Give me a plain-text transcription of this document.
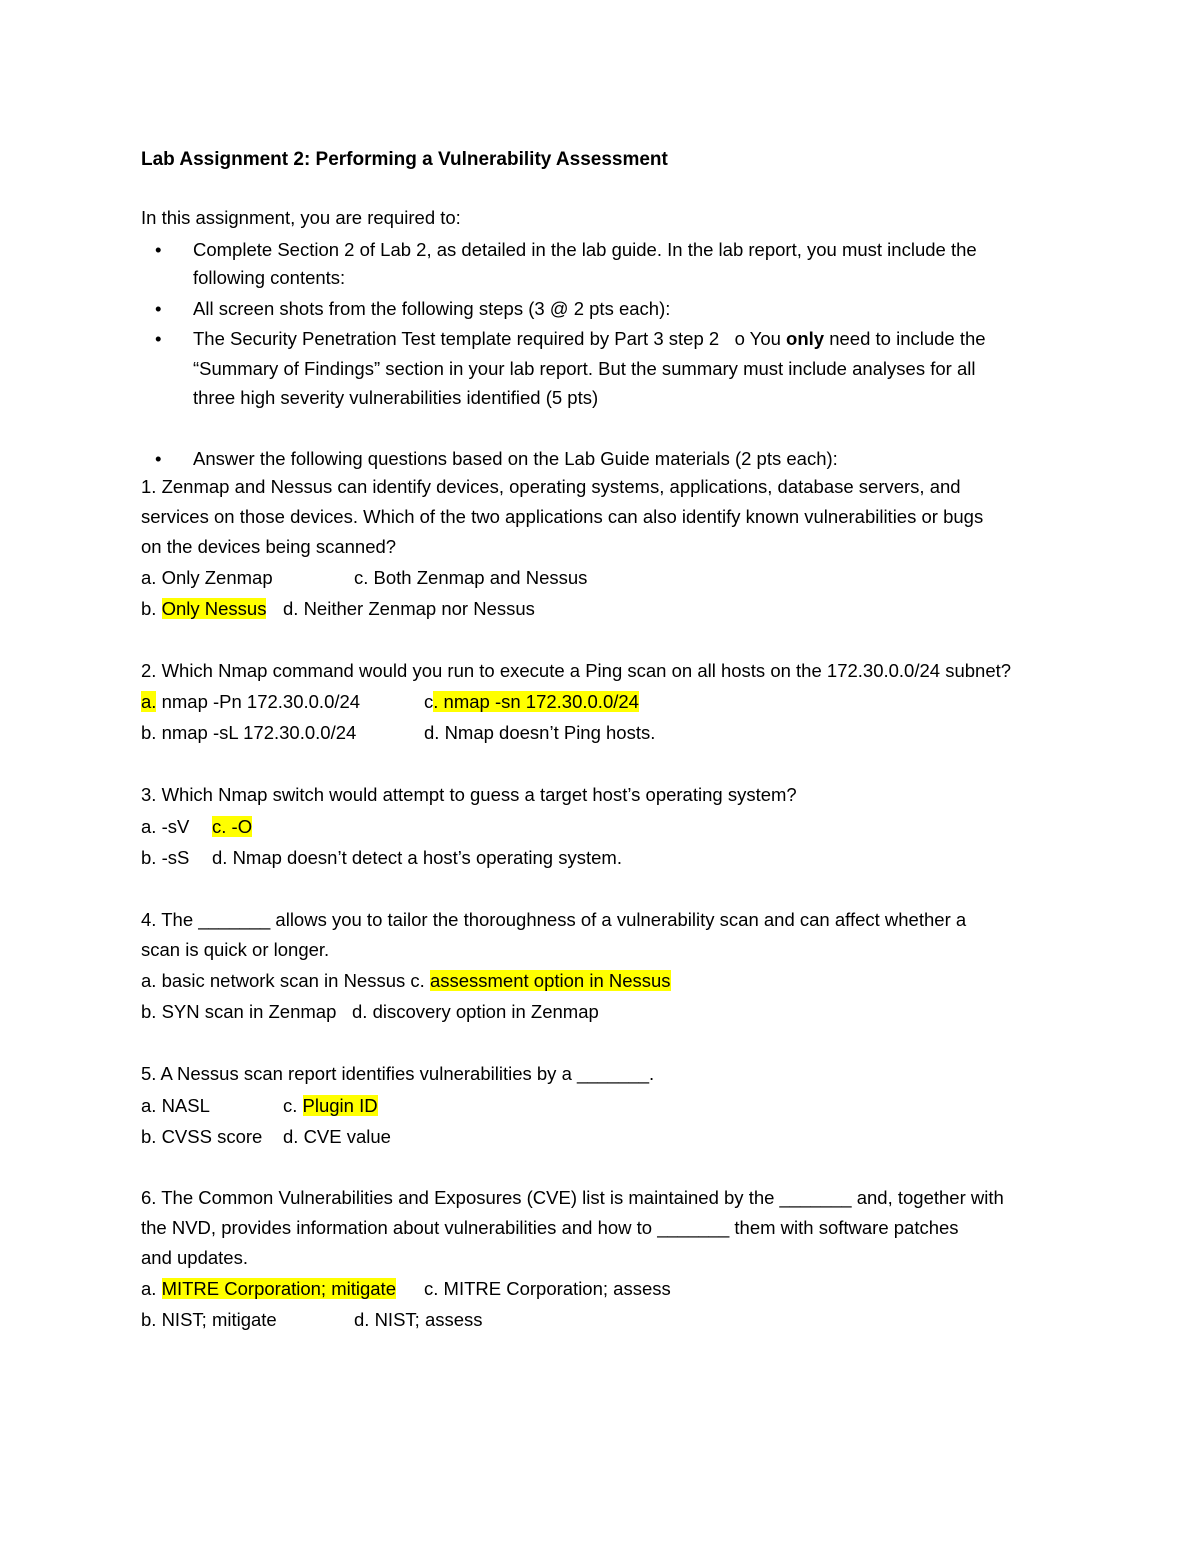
Lab Assignment 2: Performing a Vulnerability Assessment
In this assignment, you are required to:
• Complete Section 2 of Lab 2, as detailed in the lab guide. In the lab report, you must include the
following contents:
• All screen shots from the following steps (3 @ 2 pts each):
• The Security Penetration Test template required by Part 3 step 2   o You only need to include the
“Summary of Findings” section in your lab report. But the summary must include analyses for all
three high severity vulnerabilities identified (5 pts)
• Answer the following questions based on the Lab Guide materials (2 pts each):
1. Zenmap and Nessus can identify devices, operating systems, applications, database servers, and
services on those devices. Which of the two applications can also identify known vulnerabilities or bugs
on the devices being scanned?
a. Only Zenmap	c. Both Zenmap and Nessus
b. Only Nessus d. Neither Zenmap nor Nessus
2. Which Nmap command would you run to execute a Ping scan on all hosts on the 172.30.0.0/24 subnet?
a. nmap -Pn 172.30.0.0/24	c. nmap -sn 172.30.0.0/24
b. nmap -sL 172.30.0.0/24	d. Nmap doesn’t Ping hosts.
3. Which Nmap switch would attempt to guess a target host’s operating system?
a. -sV c. -O
b. -sS d. Nmap doesn’t detect a host’s operating system.
4. The _______ allows you to tailor the thoroughness of a vulnerability scan and can affect whether a
scan is quick or longer.
a. basic network scan in Nessus c. assessment option in Nessus
b. SYN scan in Zenmap d. discovery option in Zenmap
5. A Nessus scan report identifies vulnerabilities by a _______.
a. NASL	c. Plugin ID
b. CVSS score d. CVE value
6. The Common Vulnerabilities and Exposures (CVE) list is maintained by the _______ and, together with
the NVD, provides information about vulnerabilities and how to _______ them with software patches
and updates.
a. MITRE Corporation; mitigate c. MITRE Corporation; assess
b. NIST; mitigate	d. NIST; assess
